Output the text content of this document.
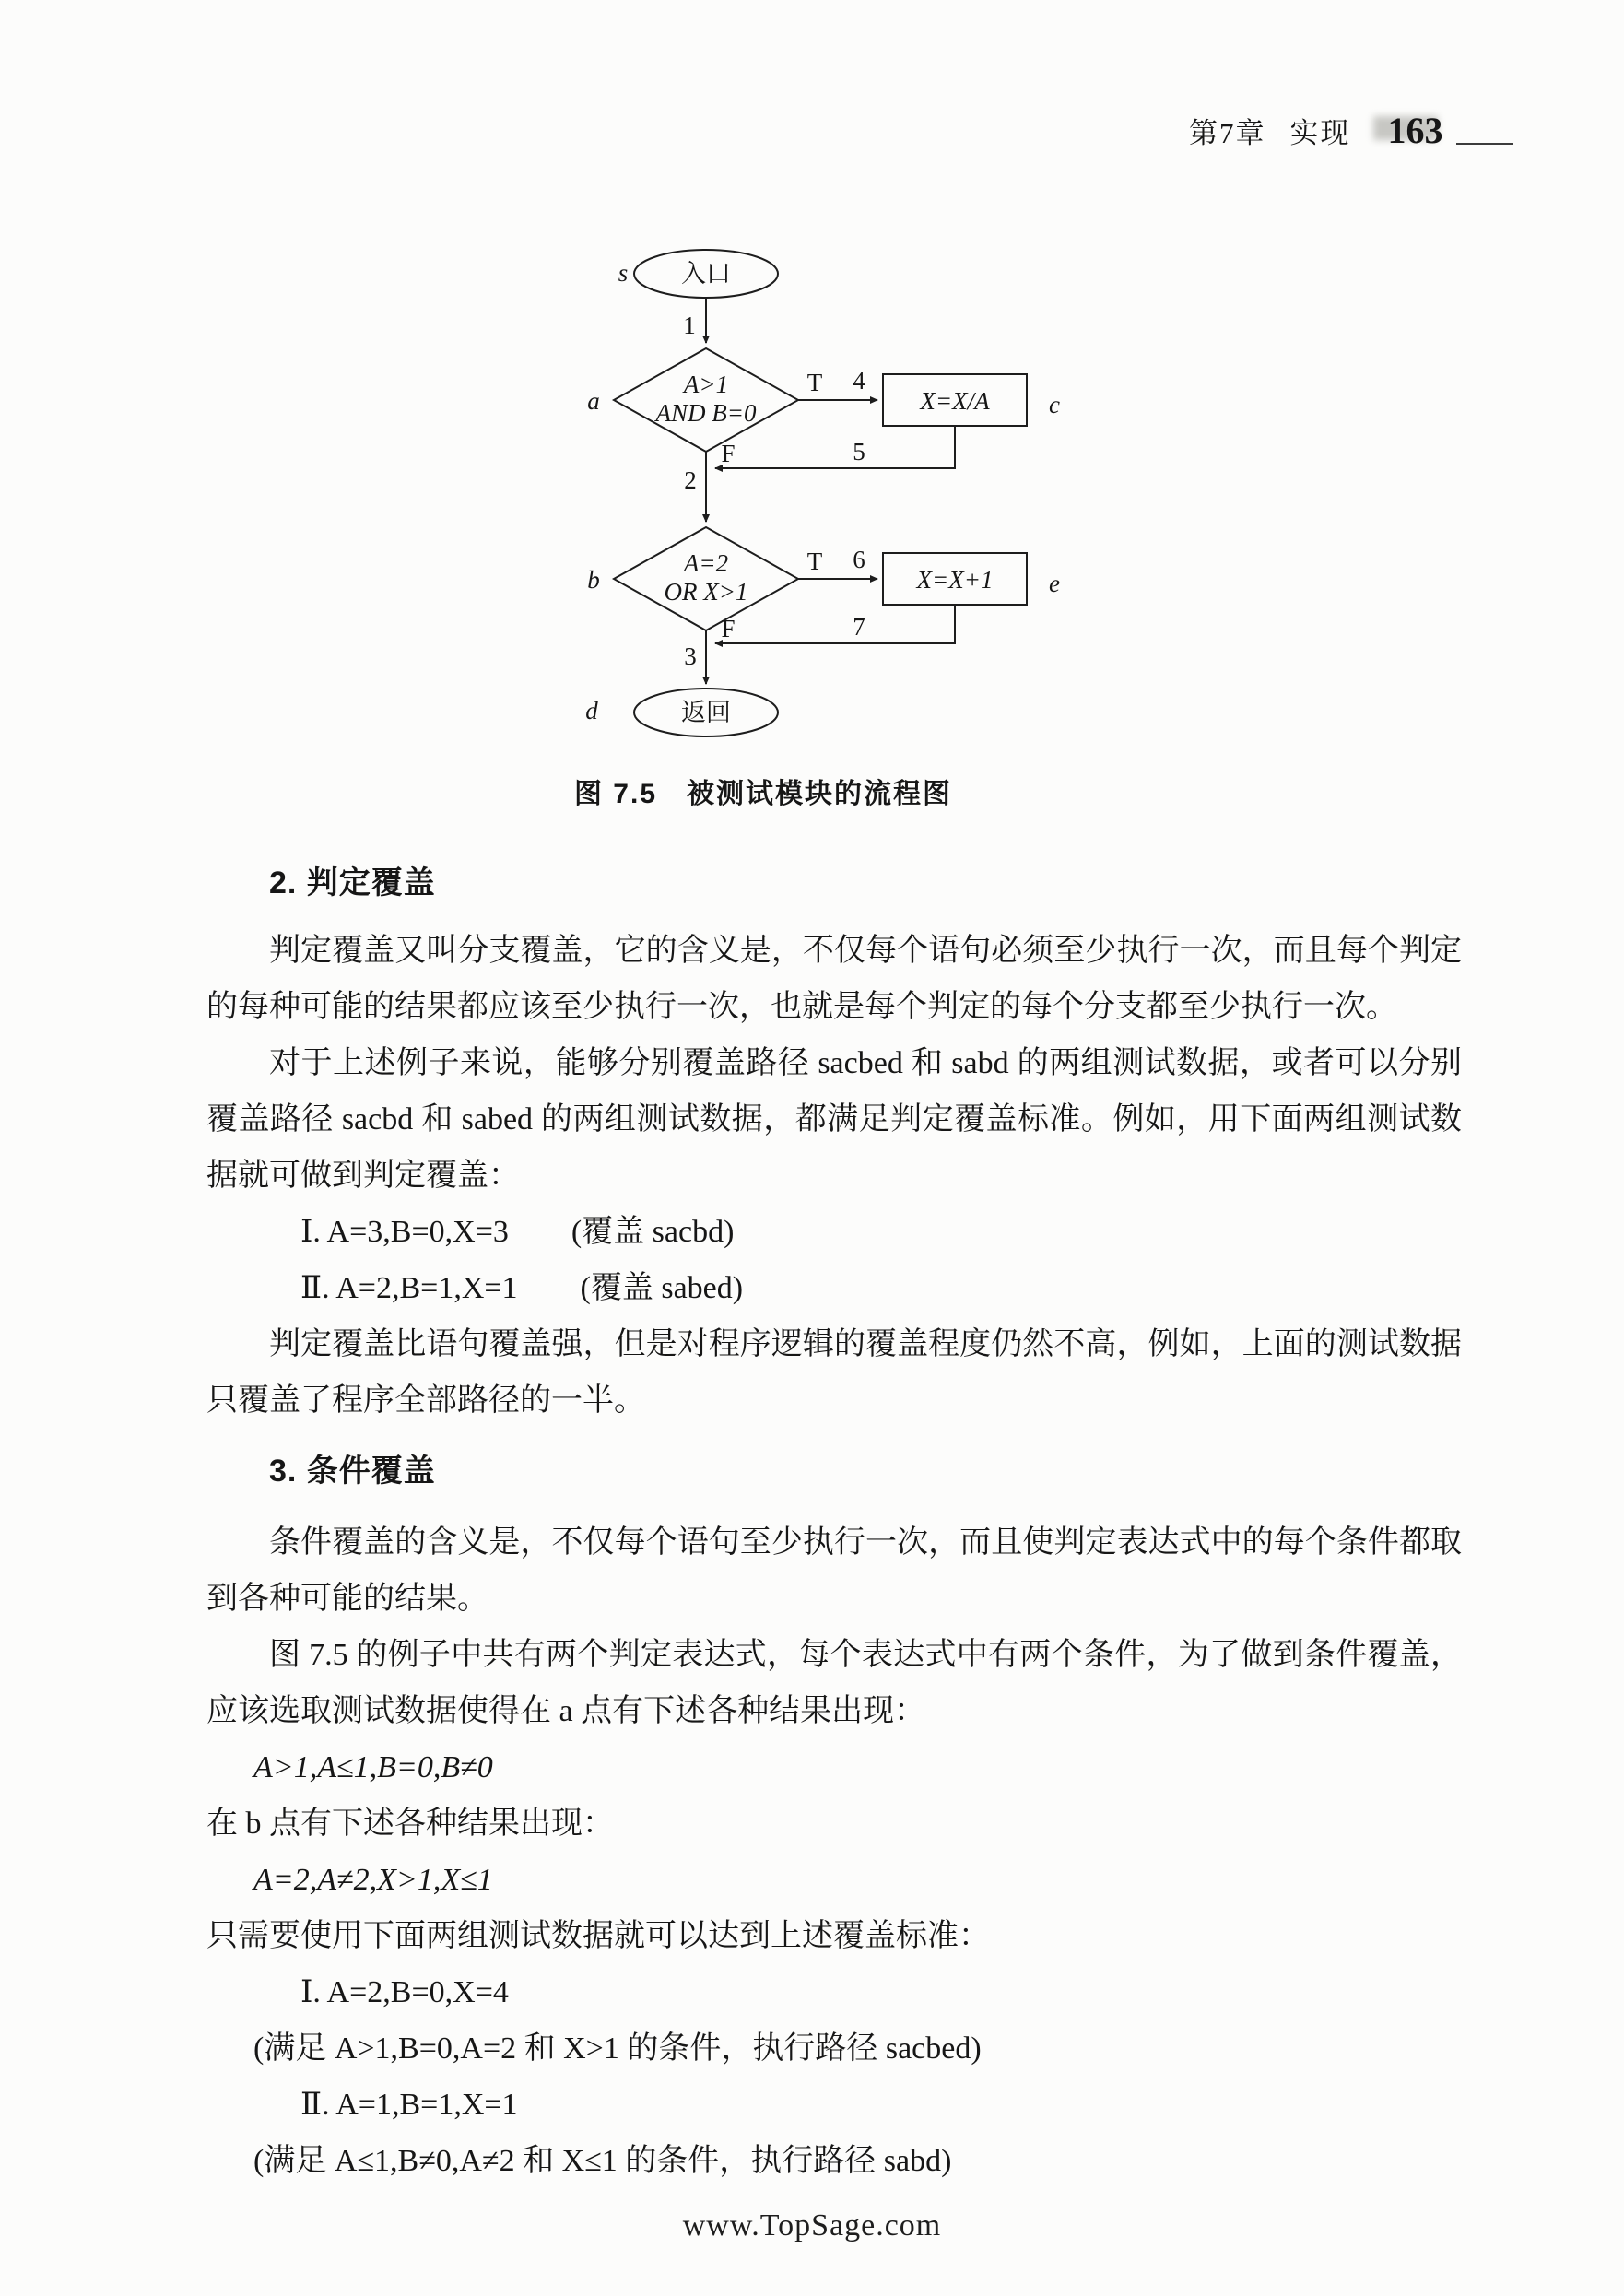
第7章 实现 163
入口
返回
A>1
AND B=0
A=2
OR X>1
X=X/A
X=X+1
s
a
b
c
e
d
1
T 4
5
F
2
T 6
7
F
3
图 7.5　被测试模块的流程图

2. 判定覆盖

判定覆盖又叫分支覆盖，它的含义是，不仅每个语句必须至少执行一次，而且每个判定的每种可能的结果都应该至少执行一次，也就是每个判定的每个分支都至少执行一次。

对于上述例子来说，能够分别覆盖路径 sacbed 和 sabd 的两组测试数据，或者可以分别覆盖路径 sacbd 和 sabed 的两组测试数据，都满足判定覆盖标准。例如，用下面两组测试数据就可做到判定覆盖：

Ⅰ. A=3,B=0,X=3　　(覆盖 sacbd)

Ⅱ. A=2,B=1,X=1　　(覆盖 sabed)

判定覆盖比语句覆盖强，但是对程序逻辑的覆盖程度仍然不高，例如，上面的测试数据只覆盖了程序全部路径的一半。

3. 条件覆盖

条件覆盖的含义是，不仅每个语句至少执行一次，而且使判定表达式中的每个条件都取到各种可能的结果。

图 7.5 的例子中共有两个判定表达式，每个表达式中有两个条件，为了做到条件覆盖，应该选取测试数据使得在 a 点有下述各种结果出现：

A>1,A≤1,B=0,B≠0

在 b 点有下述各种结果出现：

A=2,A≠2,X>1,X≤1

只需要使用下面两组测试数据就可以达到上述覆盖标准：

Ⅰ. A=2,B=0,X=4

(满足 A>1,B=0,A=2 和 X>1 的条件，执行路径 sacbed)

Ⅱ. A=1,B=1,X=1

(满足 A≤1,B≠0,A≠2 和 X≤1 的条件，执行路径 sabd)

www.TopSage.com
